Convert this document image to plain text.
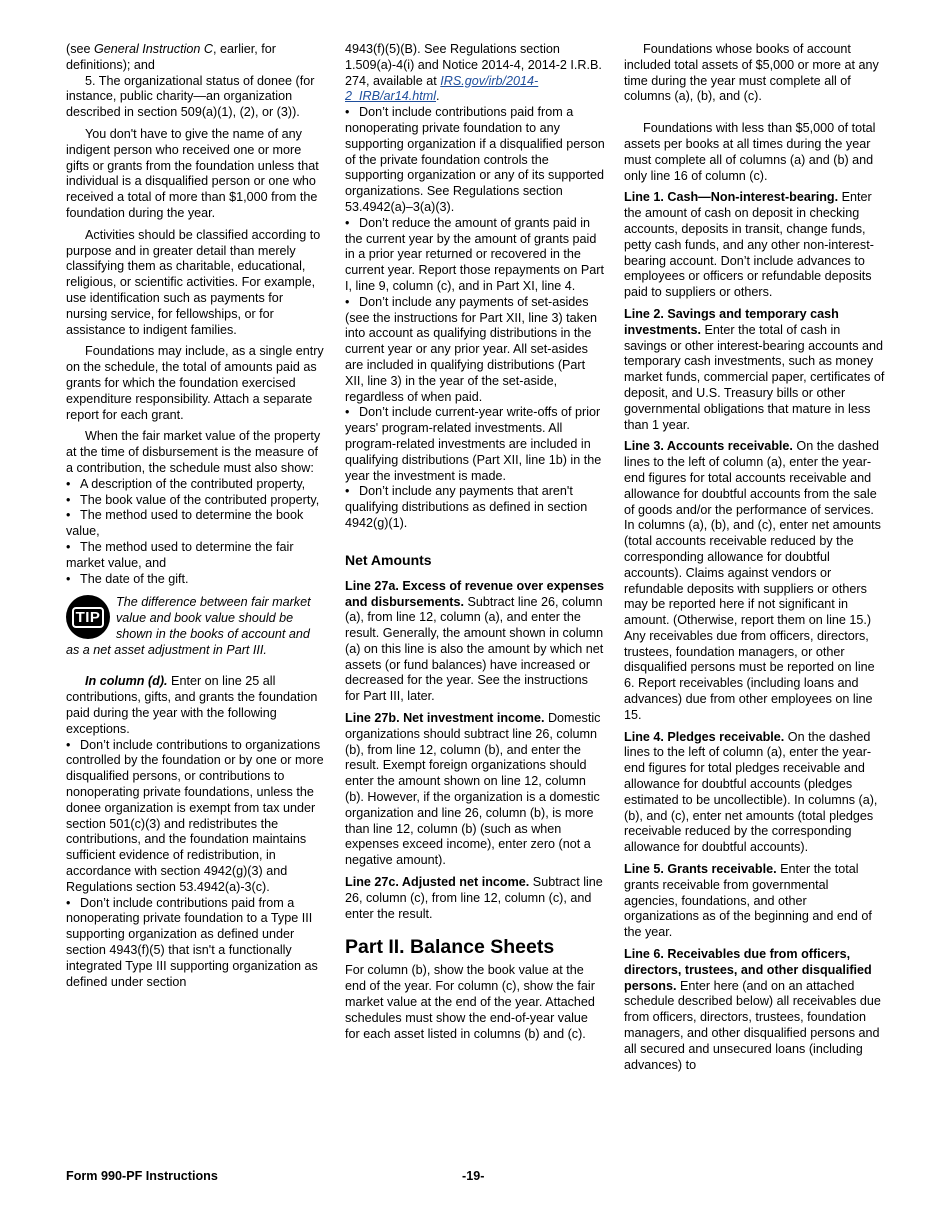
(see General Instruction C, earlier, for definitions); and

5. The organizational status of donee (for instance, public charity—an organization described in section 509(a)(1), (2), or (3)).

You don't have to give the name of any indigent person who received one or more gifts or grants from the foundation unless that individual is a disqualified person or one who received a total of more than $1,000 from the foundation during the year.

Activities should be classified according to purpose and in greater detail than merely classifying them as charitable, educational, religious, or scientific activities. For example, use identification such as payments for nursing service, for fellowships, or for assistance to indigent families.

Foundations may include, as a single entry on the schedule, the total of amounts paid as grants for which the foundation exercised expenditure responsibility. Attach a separate report for each grant.

When the fair market value of the property at the time of disbursement is the measure of a contribution, the schedule must also show:

• A description of the contributed property,

• The book value of the contributed property,

• The method used to determine the book value,

• The method used to determine the fair market value, and

• The date of the gift.

TIP

The difference between fair market value and book value should be shown in the books of account and as a net asset adjustment in Part III.

In column (d). Enter on line 25 all contributions, gifts, and grants the foundation paid during the year with the following exceptions.

• Don’t include contributions to organizations controlled by the foundation or by one or more disqualified persons, or contributions to nonoperating private foundations, unless the donee organization is exempt from tax under section 501(c)(3) and redistributes the contributions, and the foundation maintains sufficient evidence of redistribution, in accordance with section 4942(g)(3) and Regulations section 53.4942(a)-3(c).

• Don’t include contributions paid from a nonoperating private foundation to a Type III supporting organization as defined under section 4943(f)(5) that isn't a functionally integrated Type III supporting organization as defined under section

4943(f)(5)(B). See Regulations section 1.509(a)-4(i) and Notice 2014-4, 2014-2 I.R.B. 274, available at IRS.gov/irb/2014-2_IRB/ar14.html.

• Don’t include contributions paid from a nonoperating private foundation to any supporting organization if a disqualified person of the private foundation controls the supporting organization or any of its supported organizations. See Regulations section 53.4942(a)–3(a)(3).

• Don’t reduce the amount of grants paid in the current year by the amount of grants paid in a prior year returned or recovered in the current year. Report those repayments on Part I, line 9, column (c), and in Part XI, line 4.

• Don’t include any payments of set-asides (see the instructions for Part XII, line 3) taken into account as qualifying distributions in the current year or any prior year. All set-asides are included in qualifying distributions (Part XII, line 3) in the year of the set-aside, regardless of when paid.

• Don’t include current-year write-offs of prior years' program-related investments. All program-related investments are included in qualifying distributions (Part XII, line 1b) in the year the investment is made.

• Don’t include any payments that aren't qualifying distributions as defined in section 4942(g)(1).

Net Amounts

Line 27a. Excess of revenue over expenses and disbursements. Subtract line 26, column (a), from line 12, column (a), and enter the result. Generally, the amount shown in column (a) on this line is also the amount by which net assets (or fund balances) have increased or decreased for the year. See the instructions for Part III, later.

Line 27b. Net investment income. Domestic organizations should subtract line 26, column (b), from line 12, column (b), and enter the result. Exempt foreign organizations should enter the amount shown on line 12, column (b). However, if the organization is a domestic organization and line 26, column (b), is more than line 12, column (b) (such as when expenses exceed income), enter zero (not a negative amount).

Line 27c. Adjusted net income. Subtract line 26, column (c), from line 12, column (c), and enter the result.

Part II. Balance Sheets

For column (b), show the book value at the end of the year. For column (c), show the fair market value at the end of the year. Attached schedules must show the end-of-year value for each asset listed in columns (b) and (c).

Foundations whose books of account included total assets of $5,000 or more at any time during the year must complete all of columns (a), (b), and (c).

Foundations with less than $5,000 of total assets per books at all times during the year must complete all of columns (a) and (b) and only line 16 of column (c).

Line 1. Cash—Non-interest-bearing. Enter the amount of cash on deposit in checking accounts, deposits in transit, change funds, petty cash funds, and any other non-interest-bearing account. Don’t include advances to employees or officers or refundable deposits paid to suppliers or others.

Line 2. Savings and temporary cash investments. Enter the total of cash in savings or other interest-bearing accounts and temporary cash investments, such as money market funds, commercial paper, certificates of deposit, and U.S. Treasury bills or other governmental obligations that mature in less than 1 year.

Line 3. Accounts receivable. On the dashed lines to the left of column (a), enter the year-end figures for total accounts receivable and allowance for doubtful accounts from the sale of goods and/or the performance of services. In columns (a), (b), and (c), enter net amounts (total accounts receivable reduced by the corresponding allowance for doubtful accounts). Claims against vendors or refundable deposits with suppliers or others may be reported here if not significant in amount. (Otherwise, report them on line 15.) Any receivables due from officers, directors, trustees, foundation managers, or other disqualified persons must be reported on line 6. Report receivables (including loans and advances) due from other employees on line 15.

Line 4. Pledges receivable. On the dashed lines to the left of column (a), enter the year-end figures for total pledges receivable and allowance for doubtful accounts (pledges estimated to be uncollectible). In columns (a), (b), and (c), enter net amounts (total pledges receivable reduced by the corresponding allowance for doubtful accounts).

Line 5. Grants receivable. Enter the total grants receivable from governmental agencies, foundations, and other organizations as of the beginning and end of the year.

Line 6. Receivables due from officers, directors, trustees, and other disqualified persons. Enter here (and on an attached schedule described below) all receivables due from officers, directors, trustees, foundation managers, and other disqualified persons and all secured and unsecured loans (including advances) to

Form 990-PF Instructions	-19-
